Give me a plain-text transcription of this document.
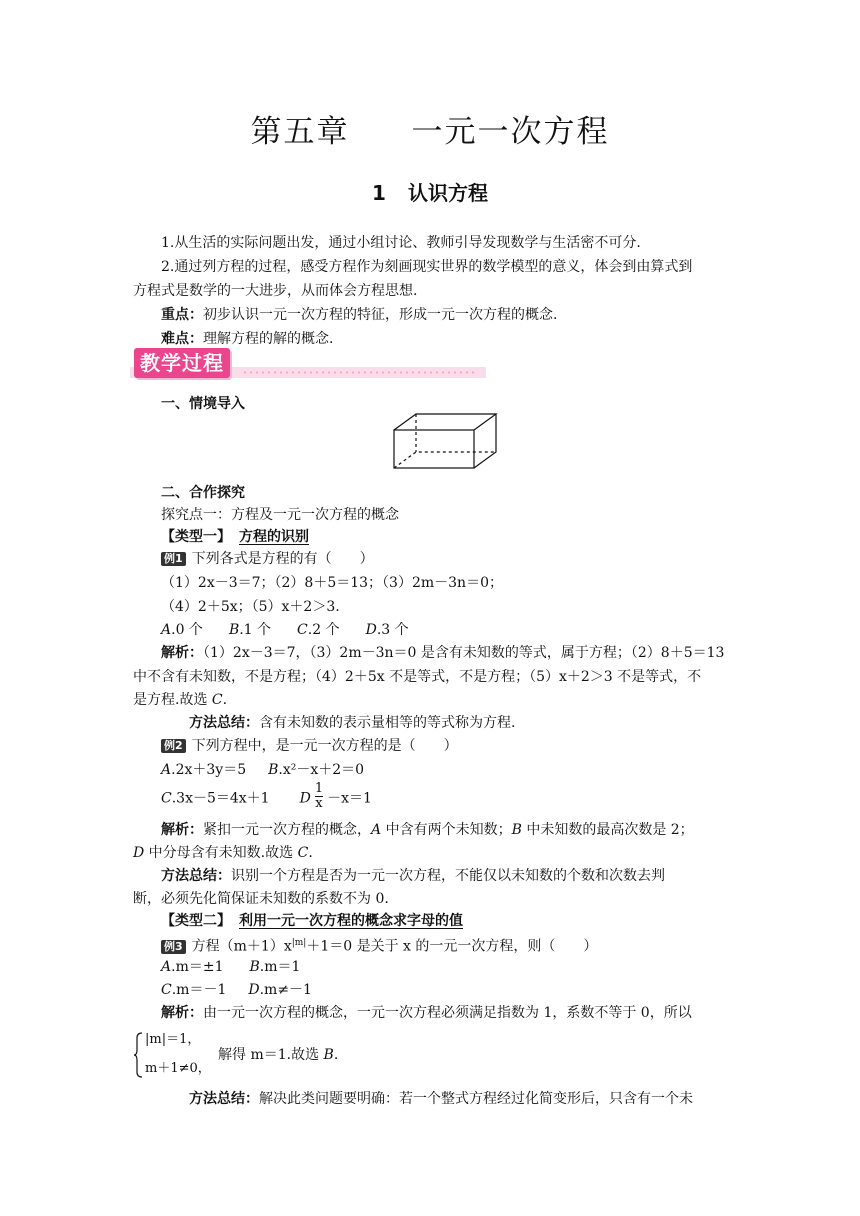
第五章 一元一次方程
1 认识方程
1.从生活的实际问题出发，通过小组讨论、教师引导发现数学与生活密不可分.
2.通过列方程的过程，感受方程作为刻画现实世界的数学模型的意义，体会到由算式到
方程式是数学的一大进步，从而体会方程思想.
重点：初步认识一元一次方程的特征，形成一元一次方程的概念.
难点：理解方程的解的概念.
教学过程
一、情境导入
二、合作探究
探究点一：方程及一元一次方程的概念
【类型一】 方程的识别
例1 下列各式是方程的有（　　）
（1）2x－3＝7；（2）8＋5＝13；（3）2m－3n＝0；
（4）2＋5x；（5）x＋2＞3.
A.0 个 B.1 个 C.2 个 D.3 个
解析：（1）2x－3＝7，（3）2m－3n＝0 是含有未知数的等式，属于方程；（2）8＋5＝13
中不含有未知数，不是方程；（4）2＋5x 不是等式，不是方程；（5）x＋2＞3 不是等式，不
是方程.故选 C.
方法总结：含有未知数的表示量相等的等式称为方程.
例2 下列方程中，是一元一次方程的是（　　）
A.2x＋3y＝5 B.x²－x＋2＝0
C.3x－5＝4x＋1 D $\frac{1}{x} -x=1$
解析：紧扣一元一次方程的概念，A 中含有两个未知数；B 中未知数的最高次数是 2；
D 中分母含有未知数.故选 C.
方法总结：识别一个方程是否为一元一次方程，不能仅以未知数的个数和次数去判
断，必须先化简保证未知数的系数不为 0.
【类型二】 利用一元一次方程的概念求字母的值
例3 方程$(m+1)x^{|m|}+1=0$ 是关于 x 的一元一次方程，则（　　）
A.m＝±1 B.m＝1
C.m＝－1 D.m≠－1
解析：由一元一次方程的概念，一元一次方程必须满足指数为 1，系数不等于 0，所以
|m|＝1，
m＋1≠0，
解得 m＝1.故选 B.
方法总结：解决此类问题要明确：若一个整式方程经过化简变形后，只含有一个未
